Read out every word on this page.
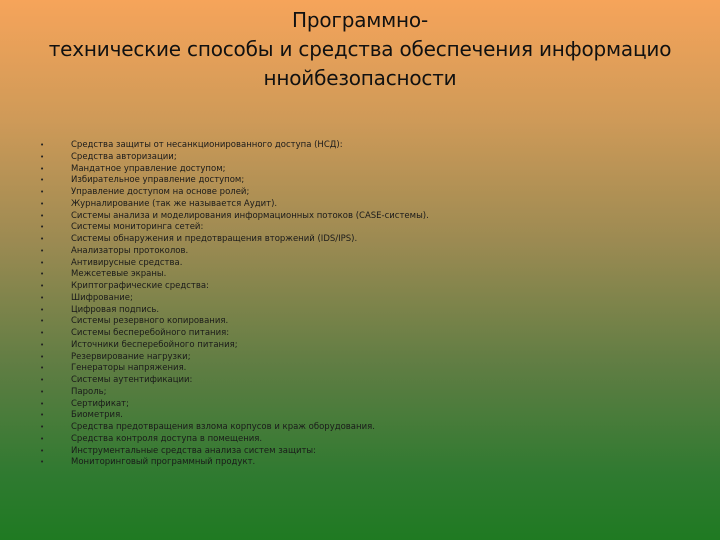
Программно-
технические способы и средства обеспечения информацио
ннойбезопасности
•	Средства защиты от несанкционированного доступа (НСД):
•	Средства авторизации;
•	Мандатное управление доступом;
•	Избирательное управление доступом;
•	Управление доступом на основе ролей;
•	Журналирование (так же называется Аудит).
•	Системы анализа и моделирования информационных потоков (CASE-системы).
•	Системы мониторинга сетей:
•	Системы обнаружения и предотвращения вторжений (IDS/IPS).
•	Анализаторы протоколов.
•	Антивирусные средства.
•	Межсетевые экраны.
•	Криптографические средства:
•	Шифрование;
•	Цифровая подпись.
•	Системы резервного копирования.
•	Системы бесперебойного питания:
•	Источники бесперебойного питания;
•	Резервирование нагрузки;
•	Генераторы напряжения.
•	Системы аутентификации:
•	Пароль;
•	Сертификат;
•	Биометрия.
•	Средства предотвращения взлома корпусов и краж оборудования.
•	Средства контроля доступа в помещения.
•	Инструментальные средства анализа систем защиты:
•	Мониторинговый программный продукт.
